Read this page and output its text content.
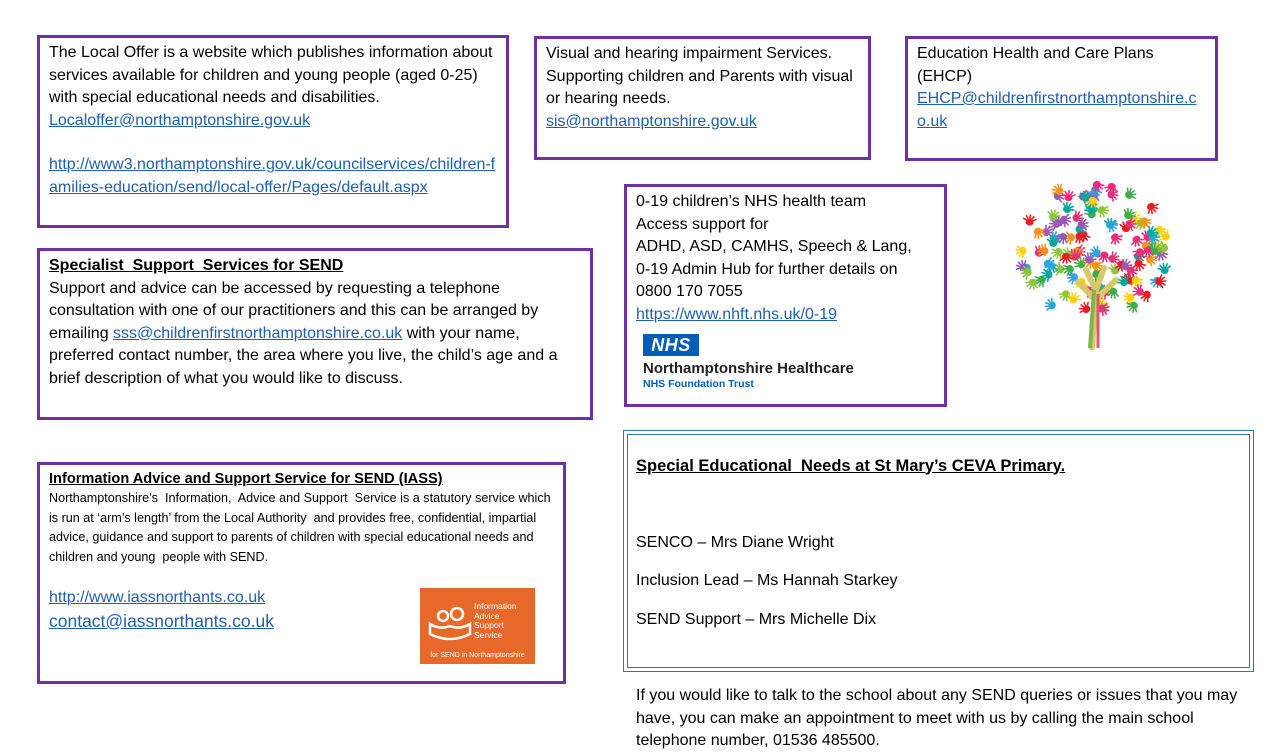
The Local Offer is a website which publishes information about services available for children and young people (aged 0-25) with special educational needs and disabilities.

Localoffer@northamptonshire.gov.uk

http://www3.northamptonshire.gov.uk/councilservices/children-families-education/send/local-offer/Pages/default.aspx

Visual and hearing impairment Services.

Supporting children and Parents with visual or hearing needs.

sis@northamptonshire.gov.uk

Education Health and Care Plans (EHCP)

EHCP@childrenfirstnorthamptonshire.co.uk

0-19 children’s NHS health team

Access support for

ADHD, ASD, CAMHS, Speech & Lang,

0-19 Admin Hub for further details on

0800 170 7055

https://www.nhft.nhs.uk/0-19

NHS
Northamptonshire Healthcare
NHS Foundation Trust

Specialist  Support  Services for SEND

Support and advice can be accessed by requesting a telephone consultation with one of our practitioners and this can be arranged by emailing sss@childrenfirstnorthamptonshire.co.uk with your name, preferred contact number, the area where you live, the child’s age and a brief description of what you would like to discuss.

Information Advice and Support Service for SEND (IASS)

Northamptonshire’s  Information,  Advice and Support  Service is a statutory service which is run at ‘arm’s length’ from the Local Authority  and provides free, confidential, impartial advice, guidance and support to parents of children with special educational needs and children and young  people with SEND.

http://www.iassnorthants.co.uk

contact@iassnorthants.co.uk

Information
Advice
Support
Service
for SEND in Northamptonshire

Special Educational  Needs at St Mary’s CEVA Primary.

SENCO – Mrs Diane Wright

Inclusion Lead – Ms Hannah Starkey

SEND Support – Mrs Michelle Dix

If you would like to talk to the school about any SEND queries or issues that you may have, you can make an appointment to meet with us by calling the main school telephone number, 01536 485500.
